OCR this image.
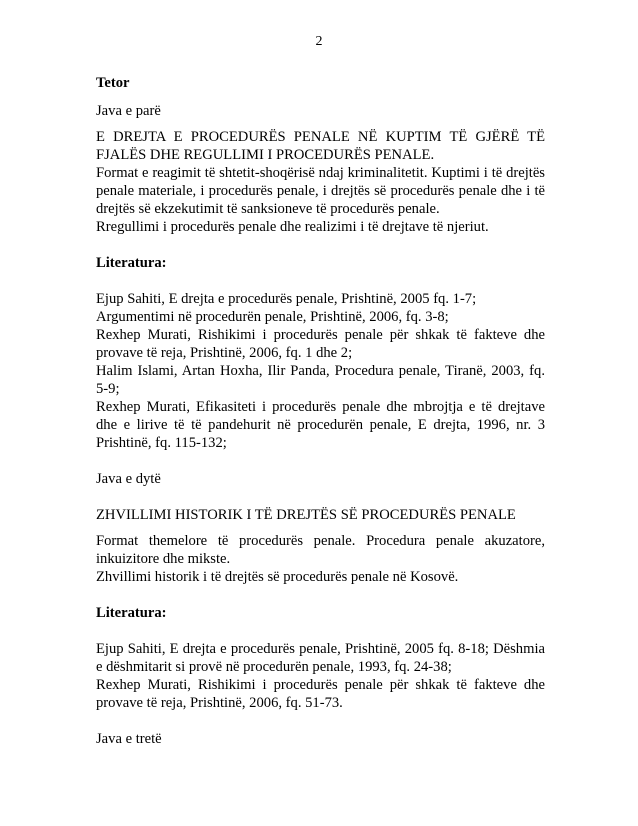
2

Tetor

Java e parë

E DREJTA E PROCEDURËS PENALE NË KUPTIM TË GJËRË TË FJALËS DHE REGULLIMI I PROCEDURËS PENALE.

Format e reagimit të shtetit-shoqërisë ndaj kriminalitetit. Kuptimi i të drejtës penale materiale, i procedurës penale, i drejtës së procedurës penale dhe i të drejtës së ekzekutimit të sanksioneve të procedurës penale.

Rregullimi i procedurës penale dhe realizimi i të drejtave të njeriut.

Literatura:

Ejup Sahiti, E drejta e procedurës penale, Prishtinë, 2005 fq. 1-7;

Argumentimi në procedurën penale, Prishtinë, 2006, fq. 3-8;

Rexhep Murati, Rishikimi i procedurës penale për shkak të fakteve dhe provave të reja, Prishtinë, 2006, fq. 1 dhe 2;

Halim Islami, Artan Hoxha, Ilir Panda, Procedura penale, Tiranë, 2003, fq. 5-9;

Rexhep Murati, Efikasiteti i procedurës penale dhe mbrojtja e të drejtave dhe e lirive të të pandehurit në procedurën penale, E drejta, 1996, nr. 3 Prishtinë, fq. 115-132;

Java e dytë

ZHVILLIMI HISTORIK I TË DREJTËS SË PROCEDURËS PENALE

Format themelore të procedurës penale. Procedura penale akuzatore, inkuizitore dhe mikste.

Zhvillimi historik i të drejtës së procedurës penale në Kosovë.

Literatura:

Ejup Sahiti, E drejta e procedurës penale, Prishtinë, 2005 fq. 8-18; Dëshmia e dëshmitarit si provë në procedurën penale, 1993, fq. 24-38;

Rexhep Murati, Rishikimi i procedurës penale për shkak të fakteve dhe provave të reja, Prishtinë, 2006, fq. 51-73.

Java e tretë
